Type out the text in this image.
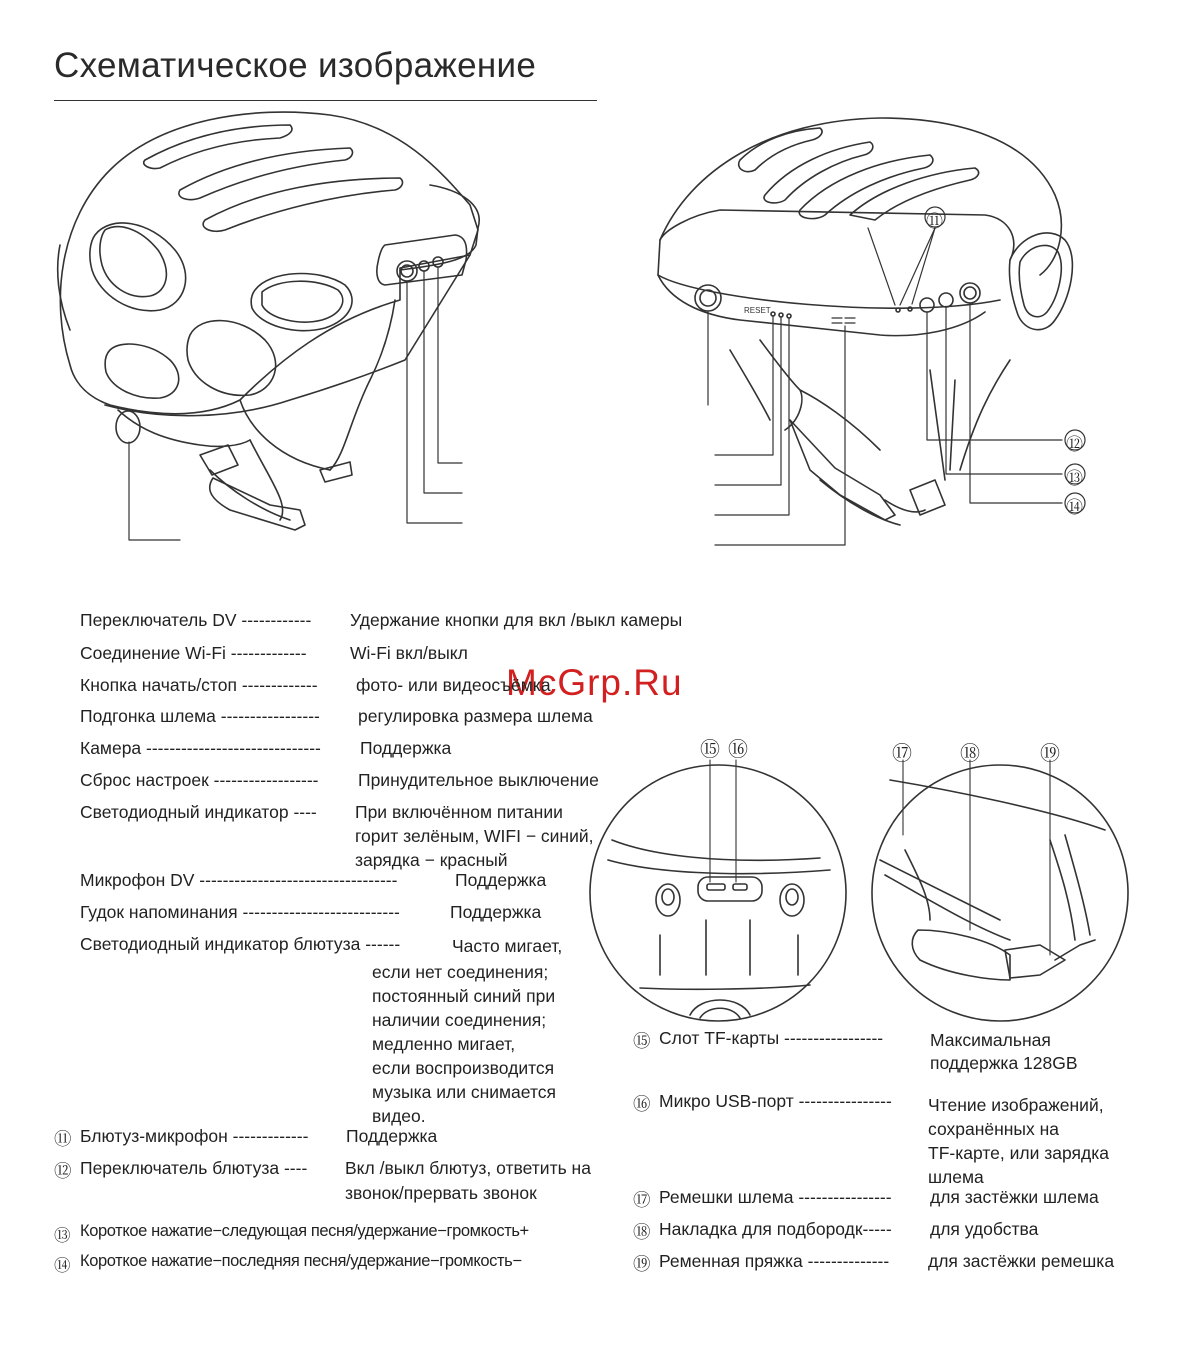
Схематическое изображение
McGrp.Ru
RESET
⑪
⑫
⑬
⑭
⑮ ⑯	⑰ ⑱	⑲
Переключатель DV ------------ Удержание кнопки для вкл /выкл камеры
Соединение Wi-Fi ------------- Wi-Fi вкл/выкл
Кнопка начать/стоп ------------- фото- или видеосъёмка
Подгонка шлема ----------------- регулировка размера шлема
Камера ------------------------------ Поддержка
Сброс настроек ------------------ Принудительное выключение
Светодиодный индикатор ---- При включённом питании
горит зелёным, WIFI − синий,
зарядка − красный
Микрофон DV ----------------------------------	Поддержка
Гудок напоминания ---------------------------	Поддержка
Светодиодный индикатор блютуза ------	Часто мигает,
если нет соединения;
постоянный синий при
наличии соединения;
медленно мигает,
если воспроизводится
музыка или снимается
видео.
⑪ Блютуз-микрофон ------------- Поддержка
⑫ Переключатель блютуза ---- Вкл /выкл блютуз, ответить на
звонок/прервать звонок
⑬ Короткое нажатие−следующая песня/удержание−громкость+
⑭ Короткое нажатие−последняя песня/удержание−громкость−
⑮ Слот TF-карты -----------------	Максимальная
поддержка 128GB
⑯ Микро USB-порт ---------------- Чтение изображений,
сохранённых на
TF-карте, или зарядка
шлема
⑰ Ремешки шлема ---------------- для застёжки шлема
⑱ Накладка для подбородк----- для удобства
⑲ Ременная пряжка -------------- для застёжки ремешка
